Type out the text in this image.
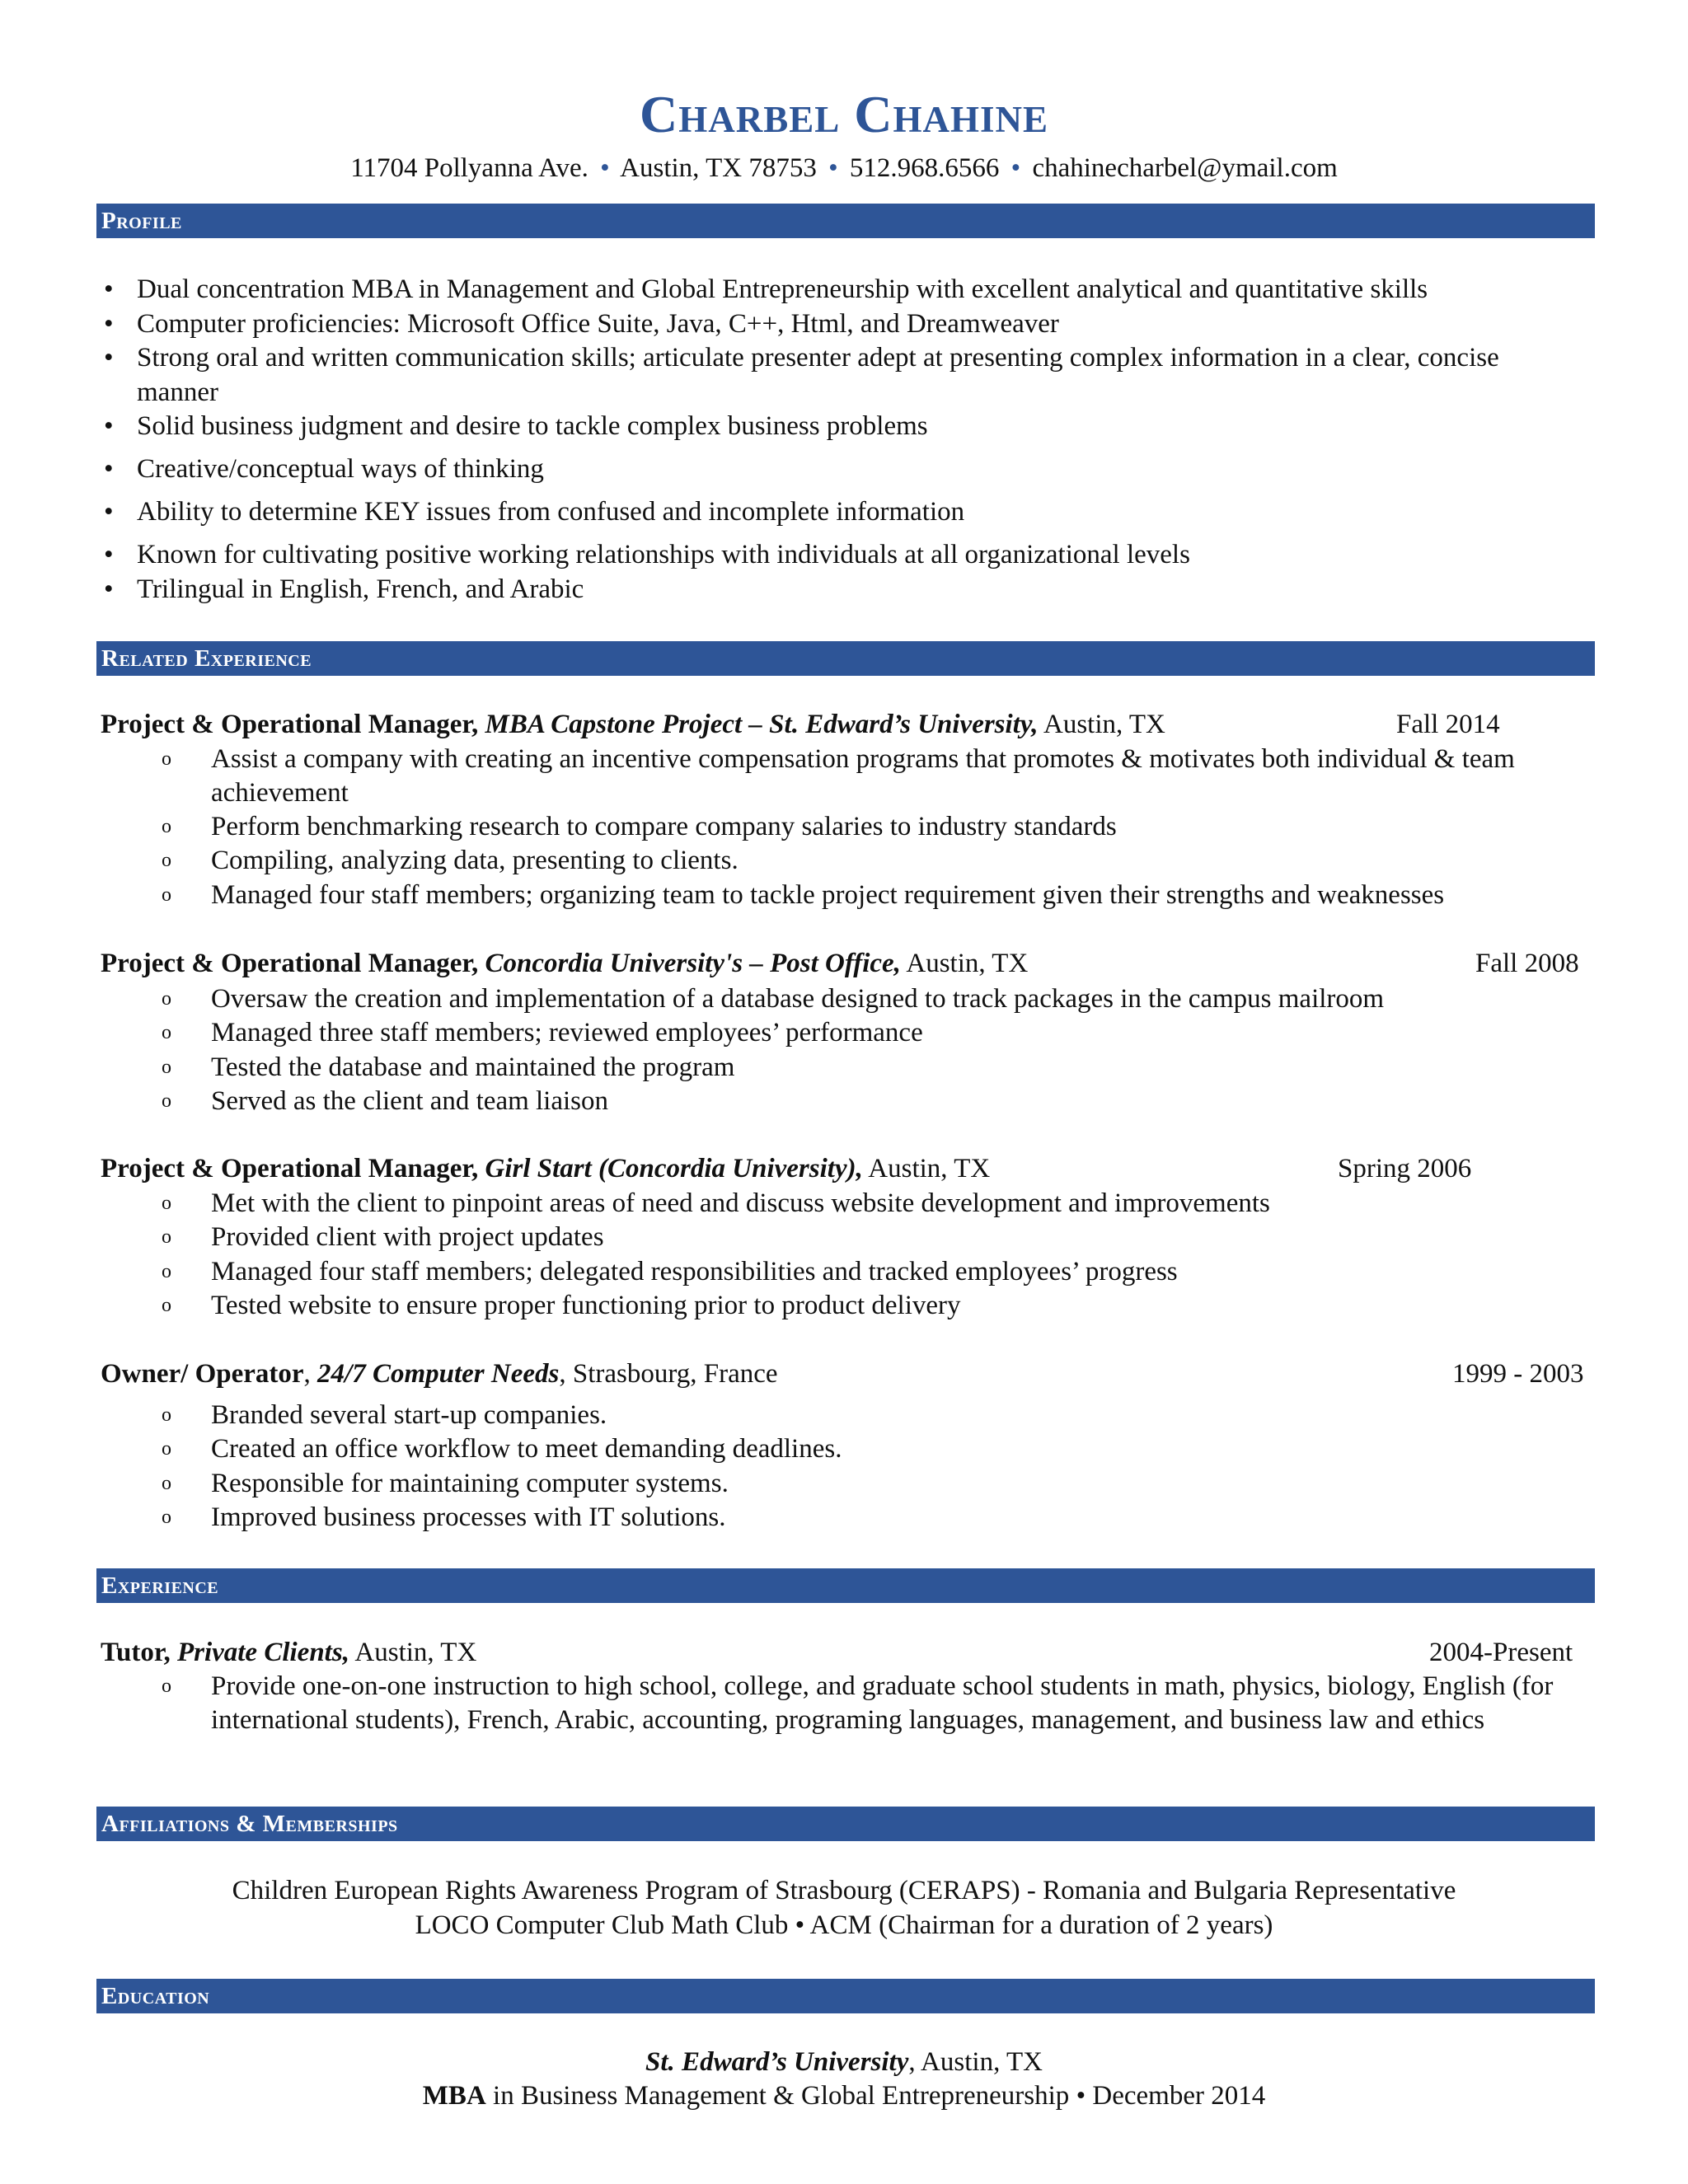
Charbel Chahine
11704 Pollyanna Ave. • Austin, TX 78753 • 512.968.6566 • chahinecharbel@ymail.com
Profile
• Dual concentration MBA in Management and Global Entrepreneurship with excellent analytical and quantitative skills
• Computer proficiencies: Microsoft Office Suite, Java, C++, Html, and Dreamweaver
• Strong oral and written communication skills; articulate presenter adept at presenting complex information in a clear, concise manner
• Solid business judgment and desire to tackle complex business problems
• Creative/conceptual ways of thinking
• Ability to determine KEY issues from confused and incomplete information
• Known for cultivating positive working relationships with individuals at all organizational levels
• Trilingual in English, French, and Arabic
Related Experience
Project & Operational Manager, MBA Capstone Project – St. Edward’s University, Austin, TX	Fall 2014
o Assist a company with creating an incentive compensation programs that promotes & motivates both individual & team achievement
o Perform benchmarking research to compare company salaries to industry standards
o Compiling, analyzing data, presenting to clients.
o Managed four staff members; organizing team to tackle project requirement given their strengths and weaknesses
Project & Operational Manager, Concordia University's – Post Office, Austin, TX	Fall 2008
o Oversaw the creation and implementation of a database designed to track packages in the campus mailroom
o Managed three staff members; reviewed employees’ performance
o Tested the database and maintained the program
o Served as the client and team liaison
Project & Operational Manager, Girl Start (Concordia University), Austin, TX	Spring 2006
o Met with the client to pinpoint areas of need and discuss website development and improvements
o Provided client with project updates
o Managed four staff members; delegated responsibilities and tracked employees’ progress
o Tested website to ensure proper functioning prior to product delivery
Owner/ Operator, 24/7 Computer Needs, Strasbourg, France	1999 - 2003
o Branded several start-up companies.
o Created an office workflow to meet demanding deadlines.
o Responsible for maintaining computer systems.
o Improved business processes with IT solutions.
Experience
Tutor, Private Clients, Austin, TX	2004-Present
o Provide one-on-one instruction to high school, college, and graduate school students in math, physics, biology, English (for international students), French, Arabic, accounting, programing languages, management, and business law and ethics
Affiliations & Memberships
Children European Rights Awareness Program of Strasbourg (CERAPS) - Romania and Bulgaria Representative
LOCO Computer Club Math Club • ACM (Chairman for a duration of 2 years)
Education
St. Edward’s University, Austin, TX
MBA in Business Management & Global Entrepreneurship • December 2014
